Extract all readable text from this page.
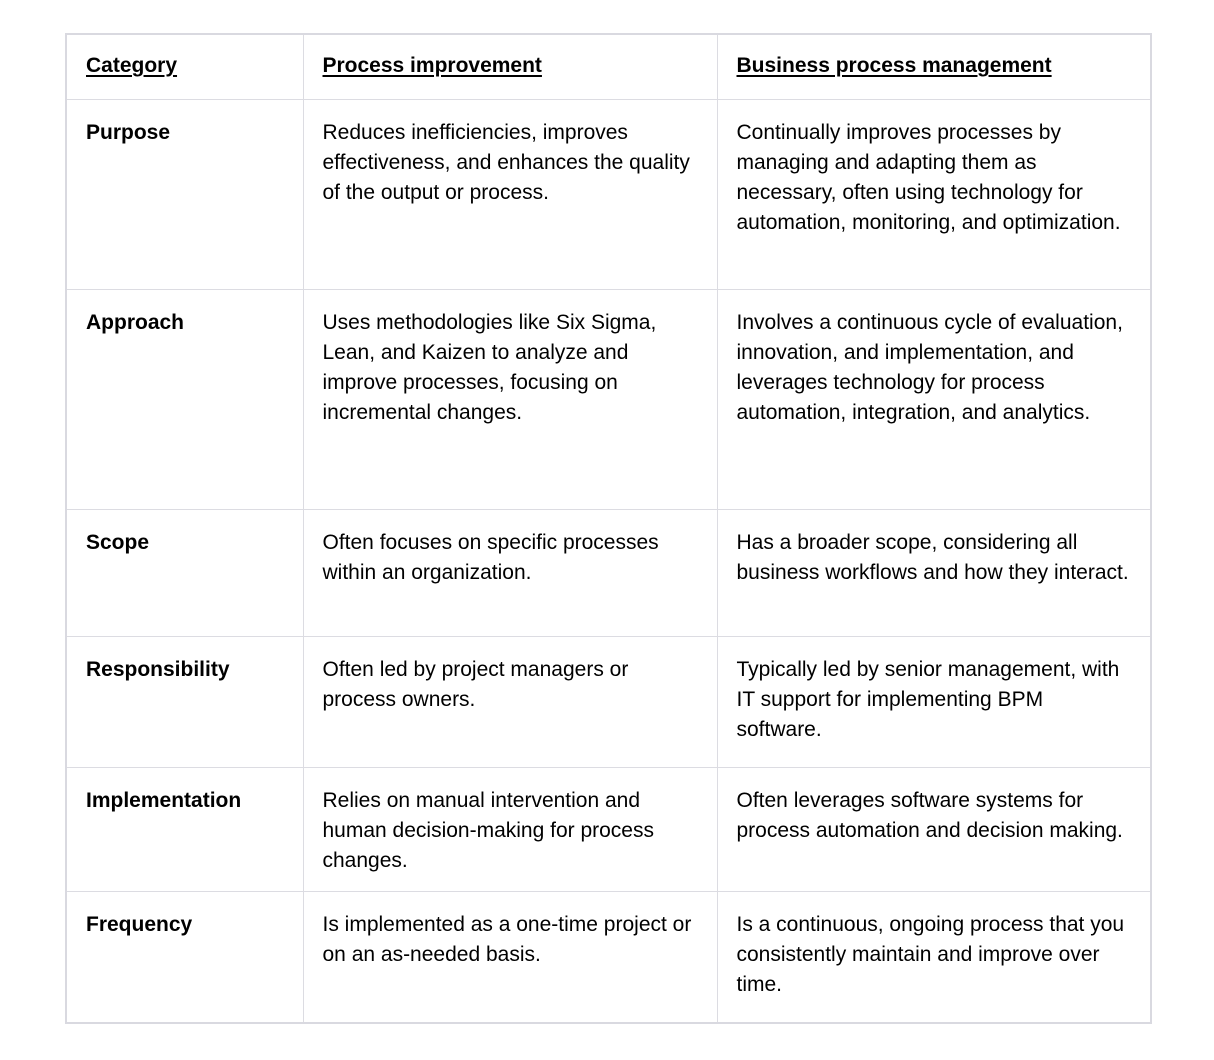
Category	Process improvement	Business process management
Purpose	Reduces inefficiencies, improves effectiveness, and enhances the quality of the output or process.	Continually improves processes by managing and adapting them as necessary, often using technology for automation, monitoring, and optimization.
Approach	Uses methodologies like Six Sigma, Lean, and Kaizen to analyze and improve processes, focusing on incremental changes.	Involves a continuous cycle of evaluation, innovation, and implementation, and leverages technology for process automation, integration, and analytics.
Scope	Often focuses on specific processes within an organization.	Has a broader scope, considering all business workflows and how they interact.
Responsibility	Often led by project managers or process owners.	Typically led by senior management, with IT support for implementing BPM software.
Implementation	Relies on manual intervention and human decision-making for process changes.	Often leverages software systems for process automation and decision making.
Frequency	Is implemented as a one-time project or on an as-needed basis.	Is a continuous, ongoing process that you consistently maintain and improve over time.
